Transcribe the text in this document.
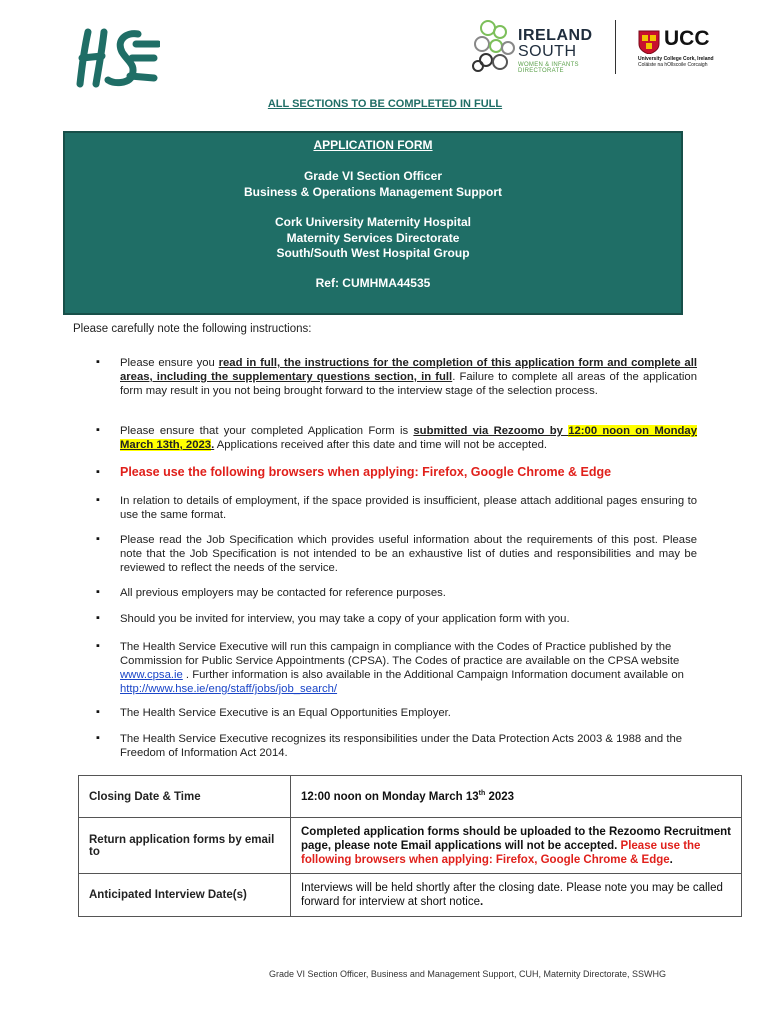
IRELAND
SOUTH
WOMEN & INFANTS
DIRECTORATE
UCC
University College Cork, Ireland
Coláiste na hOllscoile Corcaigh
ALL SECTIONS TO BE COMPLETED IN FULL
APPLICATION FORM
Grade VI Section Officer
Business & Operations Management Support
Cork University Maternity Hospital
Maternity Services Directorate
South/South West Hospital Group
Ref: CUMHMA44535
Please carefully note the following instructions:
▪	Please ensure you read in full, the instructions for the completion of this application form and complete all areas, including the supplementary questions section, in full. Failure to complete all areas of the application form may result in you not being brought forward to the interview stage of the selection process.
▪	Please ensure that your completed Application Form is submitted via Rezoomo by 12:00 noon on Monday March 13th, 2023. Applications received after this date and time will not be accepted.
▪	Please use the following browsers when applying: Firefox, Google Chrome & Edge
▪	In relation to details of employment, if the space provided is insufficient, please attach additional pages ensuring to use the same format.
▪	Please read the Job Specification which provides useful information about the requirements of this post. Please note that the Job Specification is not intended to be an exhaustive list of duties and responsibilities and may be reviewed to reflect the needs of the service.
▪	All previous employers may be contacted for reference purposes.
▪	Should you be invited for interview, you may take a copy of your application form with you.
▪	The Health Service Executive will run this campaign in compliance with the Codes of Practice published by the Commission for Public Service Appointments (CPSA). The Codes of practice are available on the CPSA website www.cpsa.ie . Further information is also available in the Additional Campaign Information document available on http://www.hse.ie/eng/staff/jobs/job_search/
▪	The Health Service Executive is an Equal Opportunities Employer.
▪	The Health Service Executive recognizes its responsibilities under the Data Protection Acts 2003 & 1988 and the Freedom of Information Act 2014.
Closing Date & Time	12:00 noon on Monday March 13th 2023
Return application forms by email to	Completed application forms should be uploaded to the Rezoomo Recruitment page, please note Email applications will not be accepted. Please use the following browsers when applying: Firefox, Google Chrome & Edge.
Anticipated Interview Date(s)	Interviews will be held shortly after the closing date. Please note you may be called forward for interview at short notice.
Grade VI Section Officer, Business and Management Support, CUH, Maternity Directorate, SSWHG
